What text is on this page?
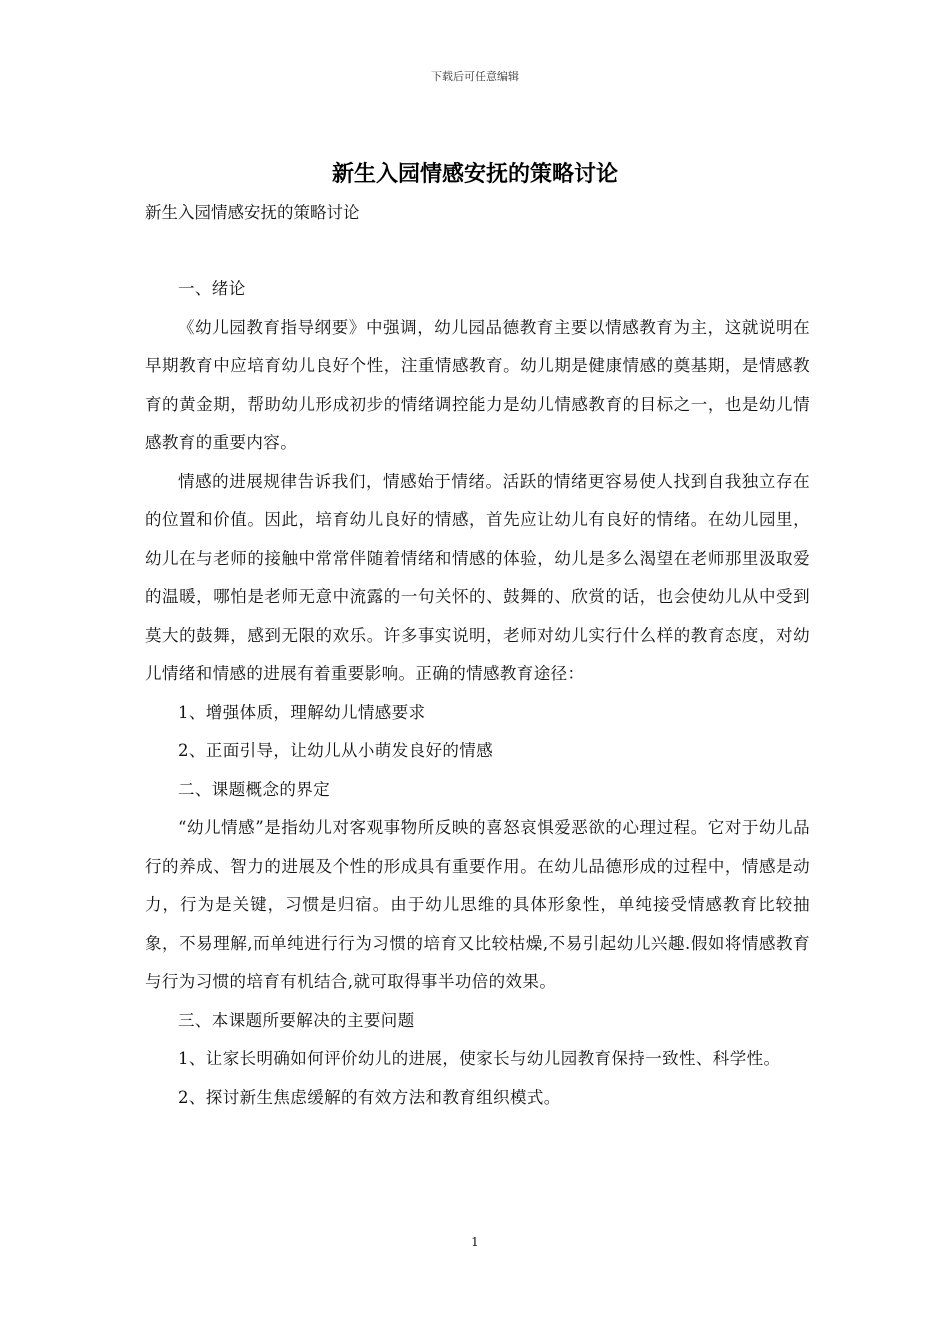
下载后可任意编辑
新生入园情感安抚的策略讨论

新生入园情感安抚的策略讨论

一、绪论

《幼儿园教育指导纲要》中强调，幼儿园品德教育主要以情感教育为主，这就说明在早期教育中应培育幼儿良好个性，注重情感教育。幼儿期是健康情感的奠基期，是情感教育的黄金期，帮助幼儿形成初步的情绪调控能力是幼儿情感教育的目标之一，也是幼儿情感教育的重要内容。

情感的进展规律告诉我们，情感始于情绪。活跃的情绪更容易使人找到自我独立存在的位置和价值。因此，培育幼儿良好的情感，首先应让幼儿有良好的情绪。在幼儿园里，幼儿在与老师的接触中常常伴随着情绪和情感的体验，幼儿是多么渴望在老师那里汲取爱的温暖，哪怕是老师无意中流露的一句关怀的、鼓舞的、欣赏的话，也会使幼儿从中受到莫大的鼓舞，感到无限的欢乐。许多事实说明，老师对幼儿实行什么样的教育态度，对幼儿情绪和情感的进展有着重要影响。正确的情感教育途径：

1、增强体质，理解幼儿情感要求

2、正面引导，让幼儿从小萌发良好的情感

二、课题概念的界定

“幼儿情感”是指幼儿对客观事物所反映的喜怒哀惧爱恶欲的心理过程。它对于幼儿品行的养成、智力的进展及个性的形成具有重要作用。在幼儿品德形成的过程中，情感是动力，行为是关键，习惯是归宿。由于幼儿思维的具体形象性，单纯接受情感教育比较抽象，不易理解,而单纯进行行为习惯的培育又比较枯燥,不易引起幼儿兴趣.假如将情感教育与行为习惯的培育有机结合,就可取得事半功倍的效果。

三、本课题所要解决的主要问题

1、让家长明确如何评价幼儿的进展，使家长与幼儿园教育保持一致性、科学性。

2、探讨新生焦虑缓解的有效方法和教育组织模式。

1
